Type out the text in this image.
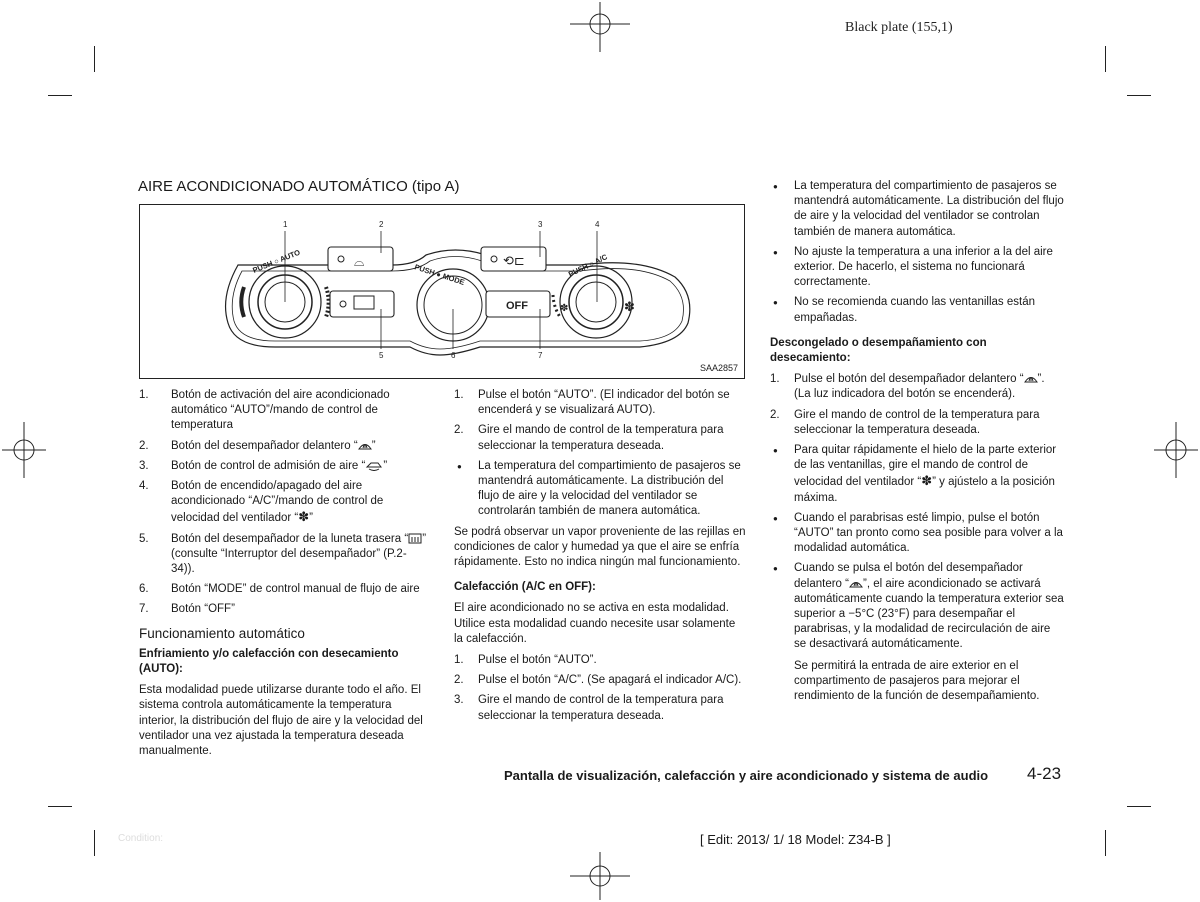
Black plate (155,1)
AIRE ACONDICIONADO AUTOMÁTICO (tipo A)
PUSH ○ AUTO	PUSH ● MODE	PUSH ○ A/C
✽	✽
⌓	⟲⊏
OFF
1	2	3	4
5	6	7
SAA2857
1. Botón de activación del aire acondicionado automático “AUTO”/mando de control de temperatura
2. Botón del desempañador delantero “ ”
3. Botón de control de admisión de aire “ ”
4. Botón de encendido/apagado del aire acondicionado “A/C”/mando de control de velocidad del ventilador “✽”
5. Botón del desempañador de la luneta trasera “ ” (consulte “Interruptor del desempañador” (P.2-34)).
6. Botón “MODE” de control manual de flujo de aire
7. Botón “OFF”
Funcionamiento automático

Enfriamiento y/o calefacción con desecamiento (AUTO):

Esta modalidad puede utilizarse durante todo el año. El sistema controla automáticamente la temperatura interior, la distribución del flujo de aire y la velocidad del ventilador una vez ajustada la temperatura deseada manualmente.

1. Pulse el botón “AUTO”. (El indicador del botón se encenderá y se visualizará AUTO).
2. Gire el mando de control de la temperatura para seleccionar la temperatura deseada.
● La temperatura del compartimiento de pasajeros se mantendrá automáticamente. La distribución del flujo de aire y la velocidad del ventilador se controlarán también de manera automática.

Se podrá observar un vapor proveniente de las rejillas en condiciones de calor y humedad ya que el aire se enfría rápidamente. Esto no indica ningún mal funcionamiento.

Calefacción (A/C en OFF):

El aire acondicionado no se activa en esta modalidad. Utilice esta modalidad cuando necesite usar solamente la calefacción.

1. Pulse el botón “AUTO”.
2. Pulse el botón “A/C”. (Se apagará el indicador A/C).
3. Gire el mando de control de la temperatura para seleccionar la temperatura deseada.
● La temperatura del compartimiento de pasajeros se mantendrá automáticamente. La distribución del flujo de aire y la velocidad del ventilador se controlan también de manera automática.
● No ajuste la temperatura a una inferior a la del aire exterior. De hacerlo, el sistema no funcionará correctamente.
● No se recomienda cuando las ventanillas están empañadas.

Descongelado o desempañamiento con desecamiento:

1. Pulse el botón del desempañador delantero “ ”. (La luz indicadora del botón se encenderá).
2. Gire el mando de control de la temperatura para seleccionar la temperatura deseada.
● Para quitar rápidamente el hielo de la parte exterior de las ventanillas, gire el mando de control de velocidad del ventilador “✽” y ajústelo a la posición máxima.
● Cuando el parabrisas esté limpio, pulse el botón “AUTO” tan pronto como sea posible para volver a la modalidad automática.
● Cuando se pulsa el botón del desempañador delantero “ ”, el aire acondicionado se activará automáticamente cuando la temperatura exterior sea superior a −5°C (23°F) para desempañar el parabrisas, y la modalidad de recirculación de aire se desactivará automáticamente.
Se permitirá la entrada de aire exterior en el compartimento de pasajeros para mejorar el rendimiento de la función de desempañamiento.
Pantalla de visualización, calefacción y aire acondicionado y sistema de audio 4-23
[ Edit: 2013/ 1/ 18 Model: Z34-B ]
Condition:
